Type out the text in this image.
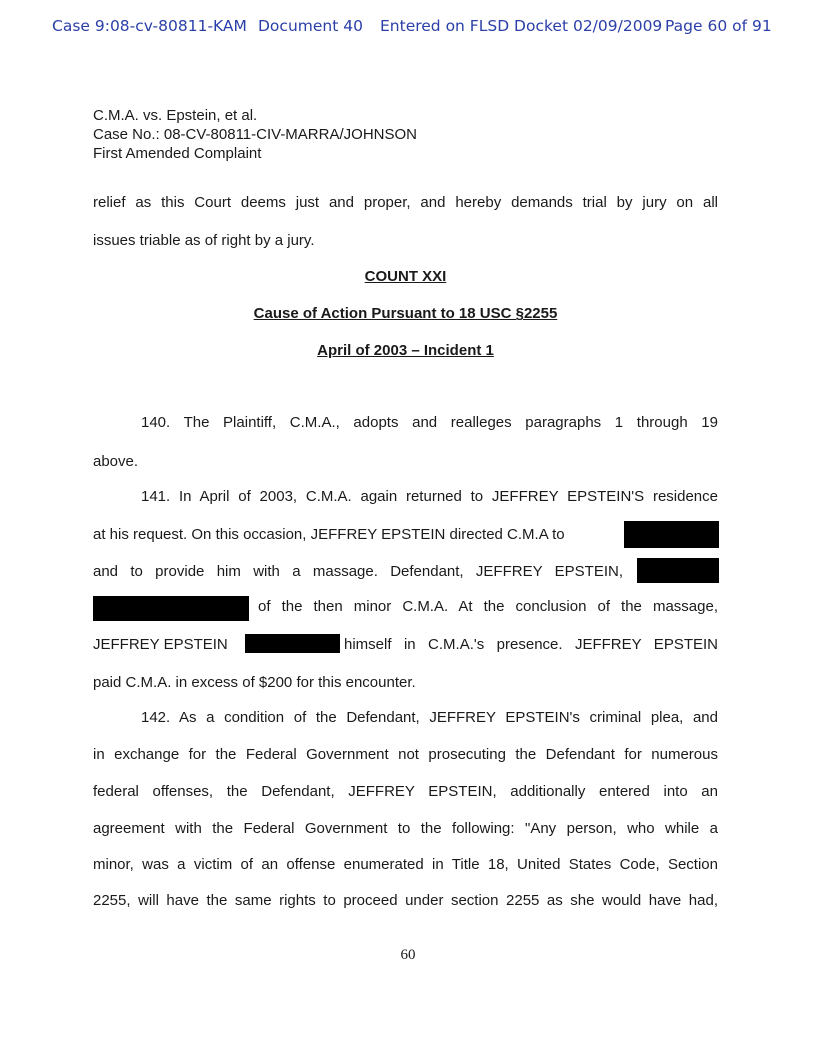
Case 9:08-cv-80811-KAM Document 40 Entered on FLSD Docket 02/09/2009 Page 60 of 91
C.M.A. vs. Epstein, et al.
Case No.: 08-CV-80811-CIV-MARRA/JOHNSON
First Amended Complaint
relief as this Court deems just and proper, and hereby demands trial by jury on all
issues triable as of right by a jury.
COUNT XXI
Cause of Action Pursuant to 18 USC §2255
April of 2003 – Incident 1
140. The Plaintiff, C.M.A., adopts and realleges paragraphs 1 through 19
above.
141. In April of 2003, C.M.A. again returned to JEFFREY EPSTEIN'S residence
at his request. On this occasion, JEFFREY EPSTEIN directed C.M.A to
and to provide him with a massage. Defendant, JEFFREY EPSTEIN,
of the then minor C.M.A. At the conclusion of the massage,
JEFFREY EPSTEIN	himself in C.M.A.'s presence. JEFFREY EPSTEIN
paid C.M.A. in excess of $200 for this encounter.
142. As a condition of the Defendant, JEFFREY EPSTEIN's criminal plea, and
in exchange for the Federal Government not prosecuting the Defendant for numerous
federal offenses, the Defendant, JEFFREY EPSTEIN, additionally entered into an
agreement with the Federal Government to the following: "Any person, who while a
minor, was a victim of an offense enumerated in Title 18, United States Code, Section
2255, will have the same rights to proceed under section 2255 as she would have had,
60
